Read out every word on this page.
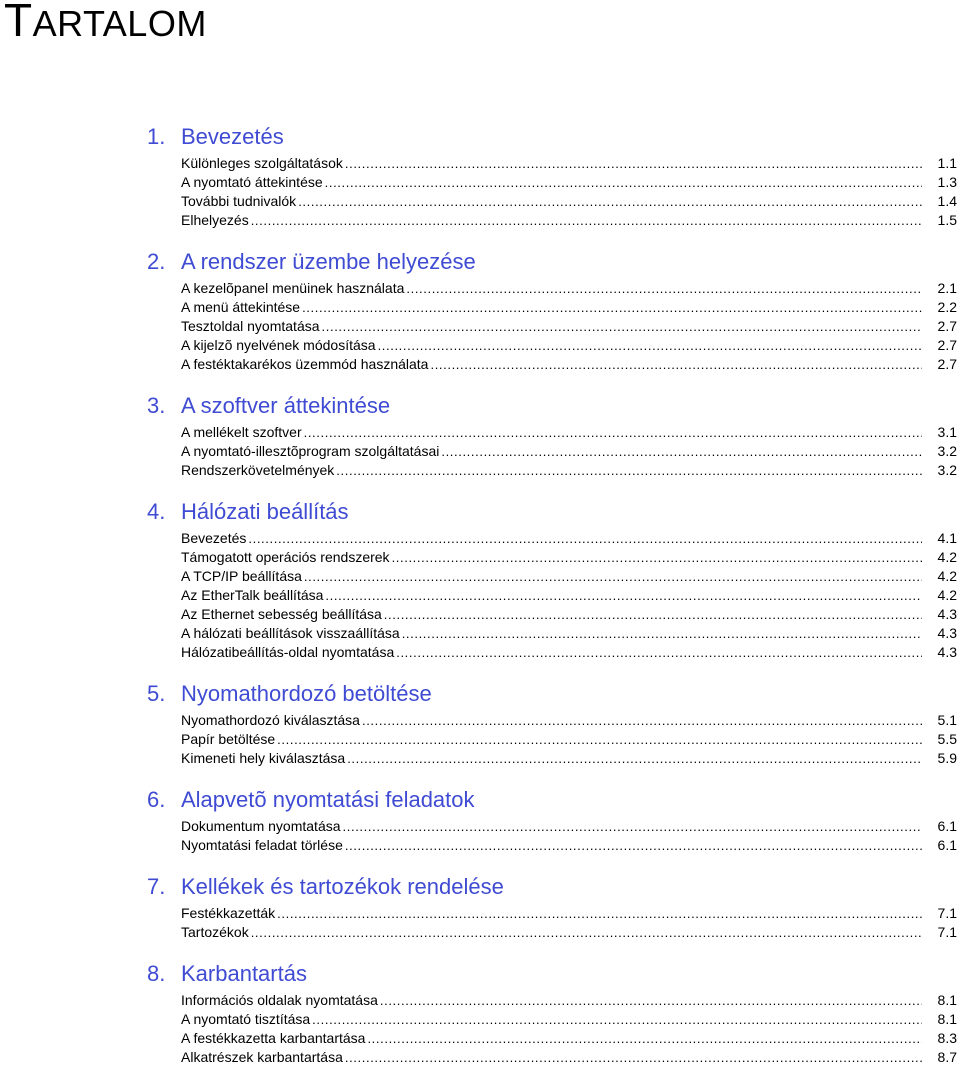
TARTALOM
1. Bevezetés
Különleges szolgáltatások . . .	1.1
A nyomtató áttekintése . . .	1.3
További tudnivalók . . .	1.4
Elhelyezés . . .	1.5
2. A rendszer üzembe helyezése
A kezelõpanel menüinek használata . . .	2.1
A menü áttekintése . . .	2.2
Tesztoldal nyomtatása . . .	2.7
A kijelzõ nyelvének módosítása . . .	2.7
A festéktakarékos üzemmód használata . . .	2.7
3. A szoftver áttekintése
A mellékelt szoftver . . .	3.1
A nyomtató-illesztõprogram szolgáltatásai . . .	3.2
Rendszerkövetelmények . . .	3.2
4. Hálózati beállítás
Bevezetés . . .	4.1
Támogatott operációs rendszerek . . .	4.2
A TCP/IP beállítása . . .	4.2
Az EtherTalk beállítása . . .	4.2
Az Ethernet sebesség beállítása . . .	4.3
A hálózati beállítások visszaállítása . . .	4.3
Hálózatibeállítás-oldal nyomtatása . . .	4.3
5. Nyomathordozó betöltése
Nyomathordozó kiválasztása . . .	5.1
Papír betöltése . . .	5.5
Kimeneti hely kiválasztása . . .	5.9
6. Alapvetõ nyomtatási feladatok
Dokumentum nyomtatása . . .	6.1
Nyomtatási feladat törlése . . .	6.1
7. Kellékek és tartozékok rendelése
Festékkazetták . . .	7.1
Tartozékok . . .	7.1
8. Karbantartás
Információs oldalak nyomtatása . . .	8.1
A nyomtató tisztítása . . .	8.1
A festékkazetta karbantartása . . .	8.3
Alkatrészek karbantartása . . .	8.7
